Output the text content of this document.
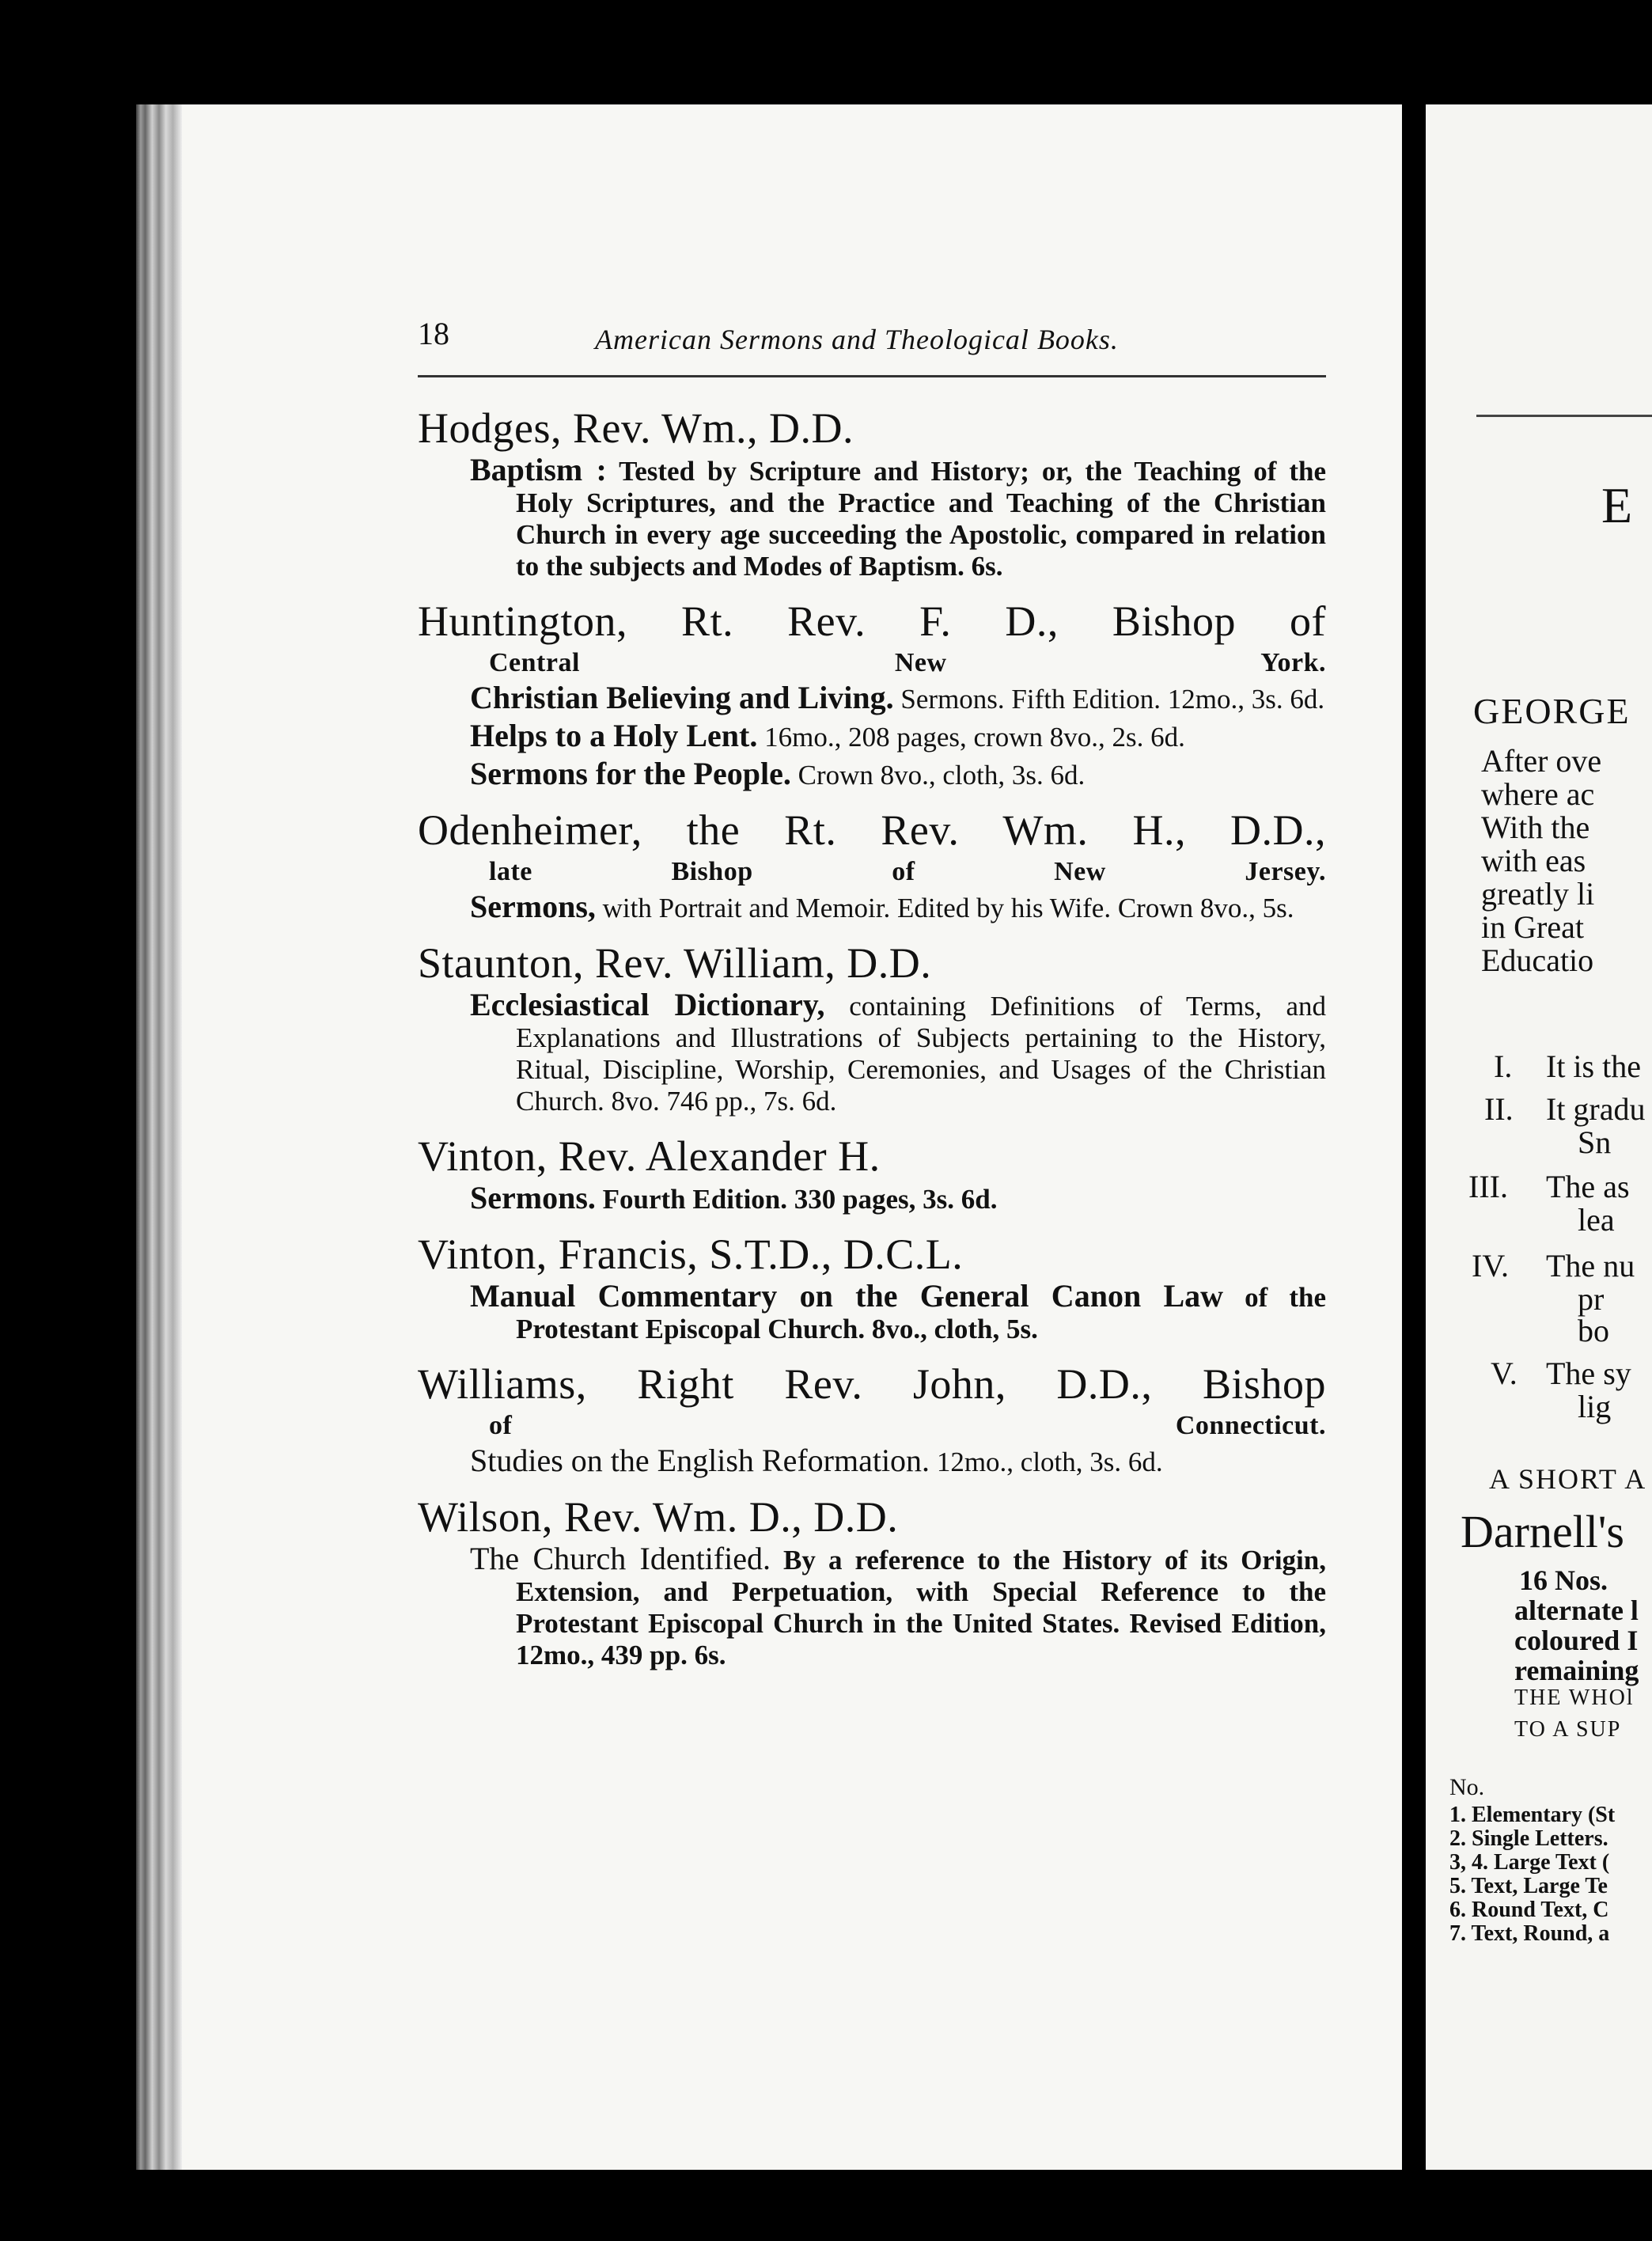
18	American Sermons and Theological Books.
Hodges, Rev. Wm., D.D.
Baptism : Tested by Scripture and History; or, the Teaching of the Holy Scriptures, and the Practice and Teaching of the Christian Church in every age succeeding the Apostolic, compared in relation to the subjects and Modes of Baptism. 6s.
Huntington, Rt. Rev. F. D., Bishop of
Central New York.
Christian Believing and Living. Sermons. Fifth Edition. 12mo., 3s. 6d.
Helps to a Holy Lent. 16mo., 208 pages, crown 8vo., 2s. 6d.
Sermons for the People. Crown 8vo., cloth, 3s. 6d.
Odenheimer, the Rt. Rev. Wm. H., D.D.,
late Bishop of New Jersey.
Sermons, with Portrait and Memoir. Edited by his Wife. Crown 8vo., 5s.
Staunton, Rev. William, D.D.
Ecclesiastical Dictionary, containing Definitions of Terms, and Explanations and Illustrations of Subjects pertaining to the History, Ritual, Discipline, Worship, Ceremonies, and Usages of the Christian Church. 8vo. 746 pp., 7s. 6d.
Vinton, Rev. Alexander H.
Sermons. Fourth Edition. 330 pages, 3s. 6d.
Vinton, Francis, S.T.D., D.C.L.
Manual Commentary on the General Canon Law of the Protestant Episcopal Church. 8vo., cloth, 5s.
Williams, Right Rev. John, D.D., Bishop
of Connecticut.
Studies on the English Reformation. 12mo., cloth, 3s. 6d.
Wilson, Rev. Wm. D., D.D.
The Church Identified. By a reference to the History of its Origin, Extension, and Perpetuation, with Special Reference to the Protestant Episcopal Church in the United States. Revised Edition, 12mo., 439 pp. 6s.
E
GEORGE
After ove
where ac
With the
with eas
greatly li
in Great
Educatio
I. It is the
II. It gradu
Sn
III. The as
lea
IV. The nu
pr
bo
V. The sy
lig
A SHORT A
Darnell's
16 Nos.
alternate l
coloured I
remaining
THE WHOl
TO A SUP
No.
1. Elementary (St
2. Single Letters.
3, 4. Large Text (
5. Text, Large Te
6. Round Text, C
7. Text, Round, a
